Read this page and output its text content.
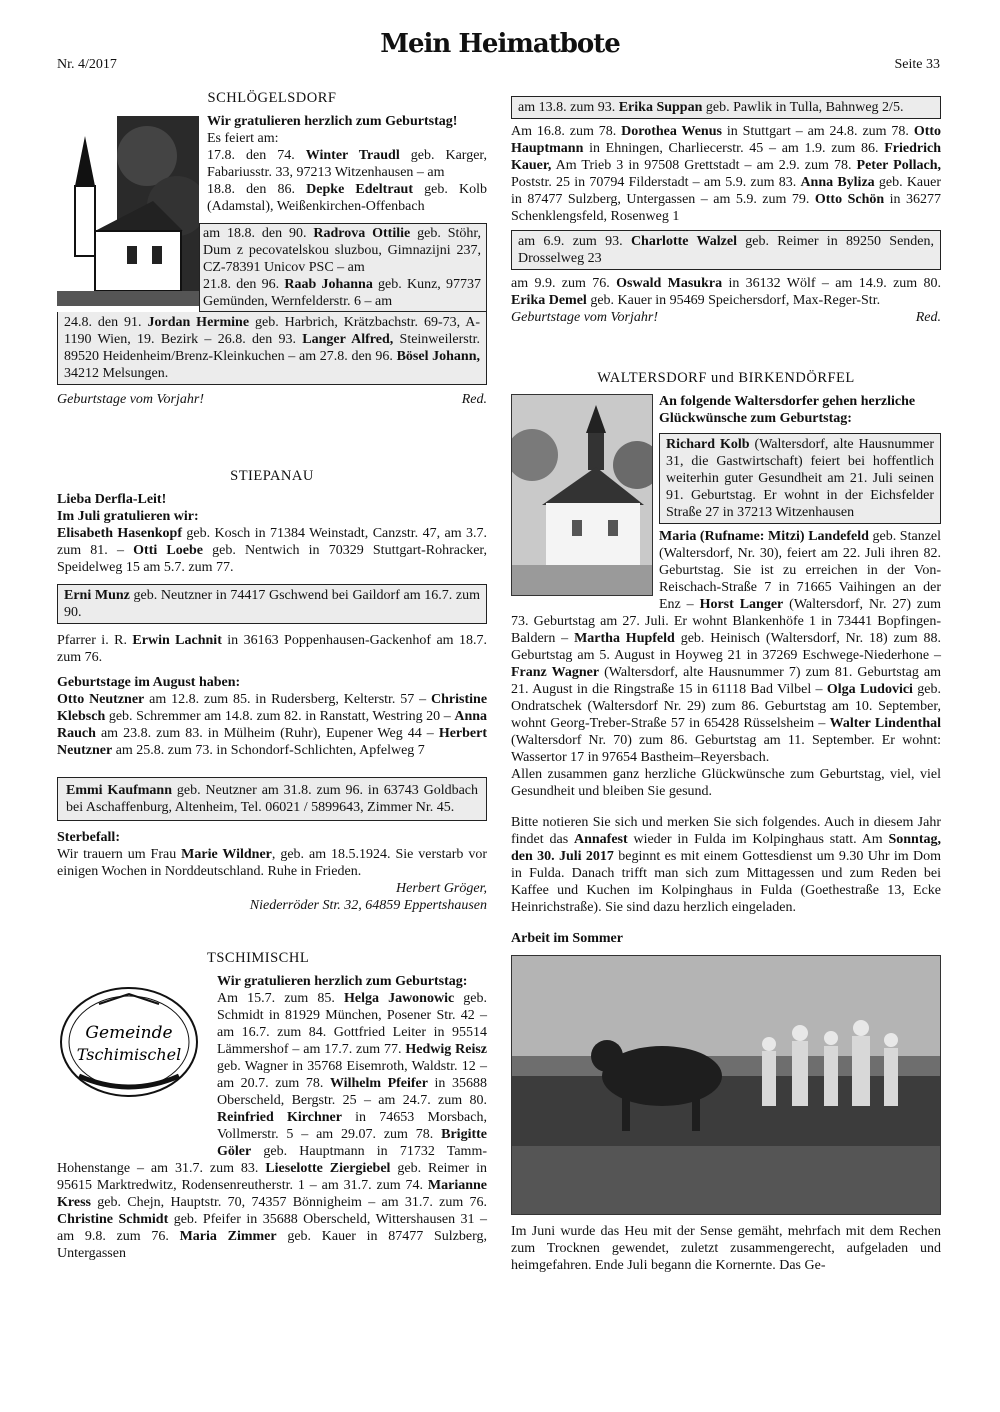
Nr. 4/2017
Mein Heimatbote
Seite 33
SCHLÖGELSDORF

Wir gratulieren herzlich zum Geburtstag!

Es feiert am:

17.8. den 74. Winter Traudl geb. Karger, Fabariusstr. 33, 97213 Witzenhausen – am

18.8. den 86. Depke Edeltraut geb. Kolb (Adamstal), Weißenkirchen-Offenbach

am 18.8. den 90. Radrova Ottilie geb. Stöhr, Dum z pecovatelskou sluzbou, Gimnazijni 237, CZ-78391 Unicov PSC – am

21.8. den 96. Raab Johanna geb. Kunz, 97737 Gemünden, Wernfelderstr. 6 – am

24.8. den 91. Jordan Hermine geb. Harbrich, Krätzbachstr. 69-73, A-1190 Wien, 19. Bezirk – 26.8. den 93. Langer Alfred, Steinweilerstr. 89520 Heidenheim/Brenz-Kleinkuchen – am 27.8. den 96. Bösel Johann, 34212 Melsungen.

Geburtstage vom Vorjahr!	Red.

STIEPANAU

Lieba Derfla-Leit!

Im Juli gratulieren wir:

Elisabeth Hasenkopf geb. Kosch in 71384 Weinstadt, Canzstr. 47, am 3.7. zum 81. – Otti Loebe geb. Nentwich in 70329 Stuttgart-Rohracker, Speidelweg 15 am 5.7. zum 77.

Erni Munz geb. Neutzner in 74417 Gschwend bei Gaildorf am 16.7. zum 90.

Pfarrer i. R. Erwin Lachnit in 36163 Poppenhausen-Gackenhof am 18.7. zum 76.

Geburtstage im August haben:

Otto Neutzner am 12.8. zum 85. in Rudersberg, Kelterstr. 57 – Christine Klebsch geb. Schremmer am 14.8. zum 82. in Ranstatt, Westring 20 – Anna Rauch am 23.8. zum 83. in Mülheim (Ruhr), Eupener Weg 44 – Herbert Neutzner am 25.8. zum 73. in Schondorf-Schlichten, Apfelweg 7

Emmi Kaufmann geb. Neutzner am 31.8. zum 96. in 63743 Goldbach bei Aschaffenburg, Altenheim, Tel. 06021 / 5899643, Zimmer Nr. 45.

Sterbefall:

Wir trauern um Frau Marie Wildner, geb. am 18.5.1924. Sie verstarb vor einigen Wochen in Norddeutschland. Ruhe in Frieden.

Herbert Gröger,

Niederröder Str. 32, 64859 Eppertshausen

TSCHIMISCHL
Gemeinde
Tschimischel

Wir gratulieren herzlich zum Geburtstag:

Am 15.7. zum 85. Helga Jawonowic geb. Schmidt in 81929 München, Posener Str. 42 – am 16.7. zum 84. Gottfried Leiter in 95514 Lämmershof – am 17.7. zum 77. Hedwig Reisz geb. Wagner in 35768 Eisemroth, Waldstr. 12 – am 20.7. zum 78. Wilhelm Pfeifer in 35688 Oberscheld, Bergstr. 25 – am 24.7. zum 80. Reinfried Kirchner in 74653 Morsbach, Vollmerstr. 5 – am 29.07. zum 78. Brigitte Göler geb. Hauptmann in 71732 Tamm-Hohenstange – am 31.7. zum 83. Lieselotte Ziergiebel geb. Reimer in 95615 Marktredwitz, Rodensenreutherstr. 1 – am 31.7. zum 74. Marianne Kress geb. Chejn, Hauptstr. 70, 74357 Bönnigheim – am 31.7. zum 76. Christine Schmidt geb. Pfeifer in 35688 Oberscheld, Wittershausen 31 – am 9.8. zum 76. Maria Zimmer geb. Kauer in 87477 Sulzberg, Untergassen

am 13.8. zum 93. Erika Suppan geb. Pawlik in Tulla, Bahnweg 2/5.

Am 16.8. zum 78. Dorothea Wenus in Stuttgart – am 24.8. zum 78. Otto Hauptmann in Ehningen, Charliecerstr. 45 – am 1.9. zum 86. Friedrich Kauer, Am Trieb 3 in 97508 Grettstadt – am 2.9. zum 78. Peter Pollach, Poststr. 25 in 70794 Filderstadt – am 5.9. zum 83. Anna Byliza geb. Kauer in 87477 Sulzberg, Untergassen – am 5.9. zum 79. Otto Schön in 36277 Schenklengsfeld, Rosenweg 1

am 6.9. zum 93. Charlotte Walzel geb. Reimer in 89250 Senden, Drosselweg 23

am 9.9. zum 76. Oswald Masukra in 36132 Wölf – am 14.9. zum 80. Erika Demel geb. Kauer in 95469 Speichersdorf, Max-Reger-Str.

Geburtstage vom Vorjahr!	Red.

WALTERSDORF und BIRKENDÖRFEL

An folgende Waltersdorfer gehen herzliche Glückwünsche zum Geburtstag:

Richard Kolb (Waltersdorf, alte Hausnummer 31, die Gastwirtschaft) feiert bei hoffentlich weiterhin guter Gesundheit am 21. Juli seinen 91. Geburtstag. Er wohnt in der Eichsfelder Straße 27 in 37213 Witzenhausen

Maria (Rufname: Mitzi) Landefeld geb. Stanzel (Waltersdorf, Nr. 30), feiert am 22. Juli ihren 82. Geburtstag. Sie ist zu erreichen in der Von-Reischach-Straße 7 in 71665 Vaihingen an der Enz – Horst Langer (Waltersdorf, Nr. 27) zum 73. Geburtstag am 27. Juli. Er wohnt Blankenhöfe 1 in 73441 Bopfingen-Baldern – Martha Hupfeld geb. Heinisch (Waltersdorf, Nr. 18) zum 88. Geburtstag am 5. August in Hoyweg 21 in 37269 Eschwege-Niederhone – Franz Wagner (Waltersdorf, alte Hausnummer 7) zum 81. Geburtstag am 21. August in die Ringstraße 15 in 61118 Bad Vilbel – Olga Ludovici geb. Ondratschek (Waltersdorf Nr. 29) zum 86. Geburtstag am 10. September, wohnt Georg-Treber-Straße 57 in 65428 Rüsselsheim – Walter Lindenthal (Waltersdorf Nr. 70) zum 86. Geburtstag am 11. September. Er wohnt: Wassertor 17 in 97654 Bastheim–Reyersbach.

Allen zusammen ganz herzliche Glückwünsche zum Geburtstag, viel, viel Gesundheit und bleiben Sie gesund.

Bitte notieren Sie sich und merken Sie sich folgendes. Auch in diesem Jahr findet das Annafest wieder in Fulda im Kolpinghaus statt. Am Sonntag, den 30. Juli 2017 beginnt es mit einem Gottesdienst um 9.30 Uhr im Dom in Fulda. Danach trifft man sich zum Mittagessen und zum Reden bei Kaffee und Kuchen im Kolpinghaus in Fulda (Goethestraße 13, Ecke Heinrichstraße). Sie sind dazu herzlich eingeladen.

Arbeit im Sommer

Im Juni wurde das Heu mit der Sense gemäht, mehrfach mit dem Rechen zum Trocknen gewendet, zuletzt zusammengerecht, aufgeladen und heimgefahren. Ende Juli begann die Kornernte. Das Ge-
